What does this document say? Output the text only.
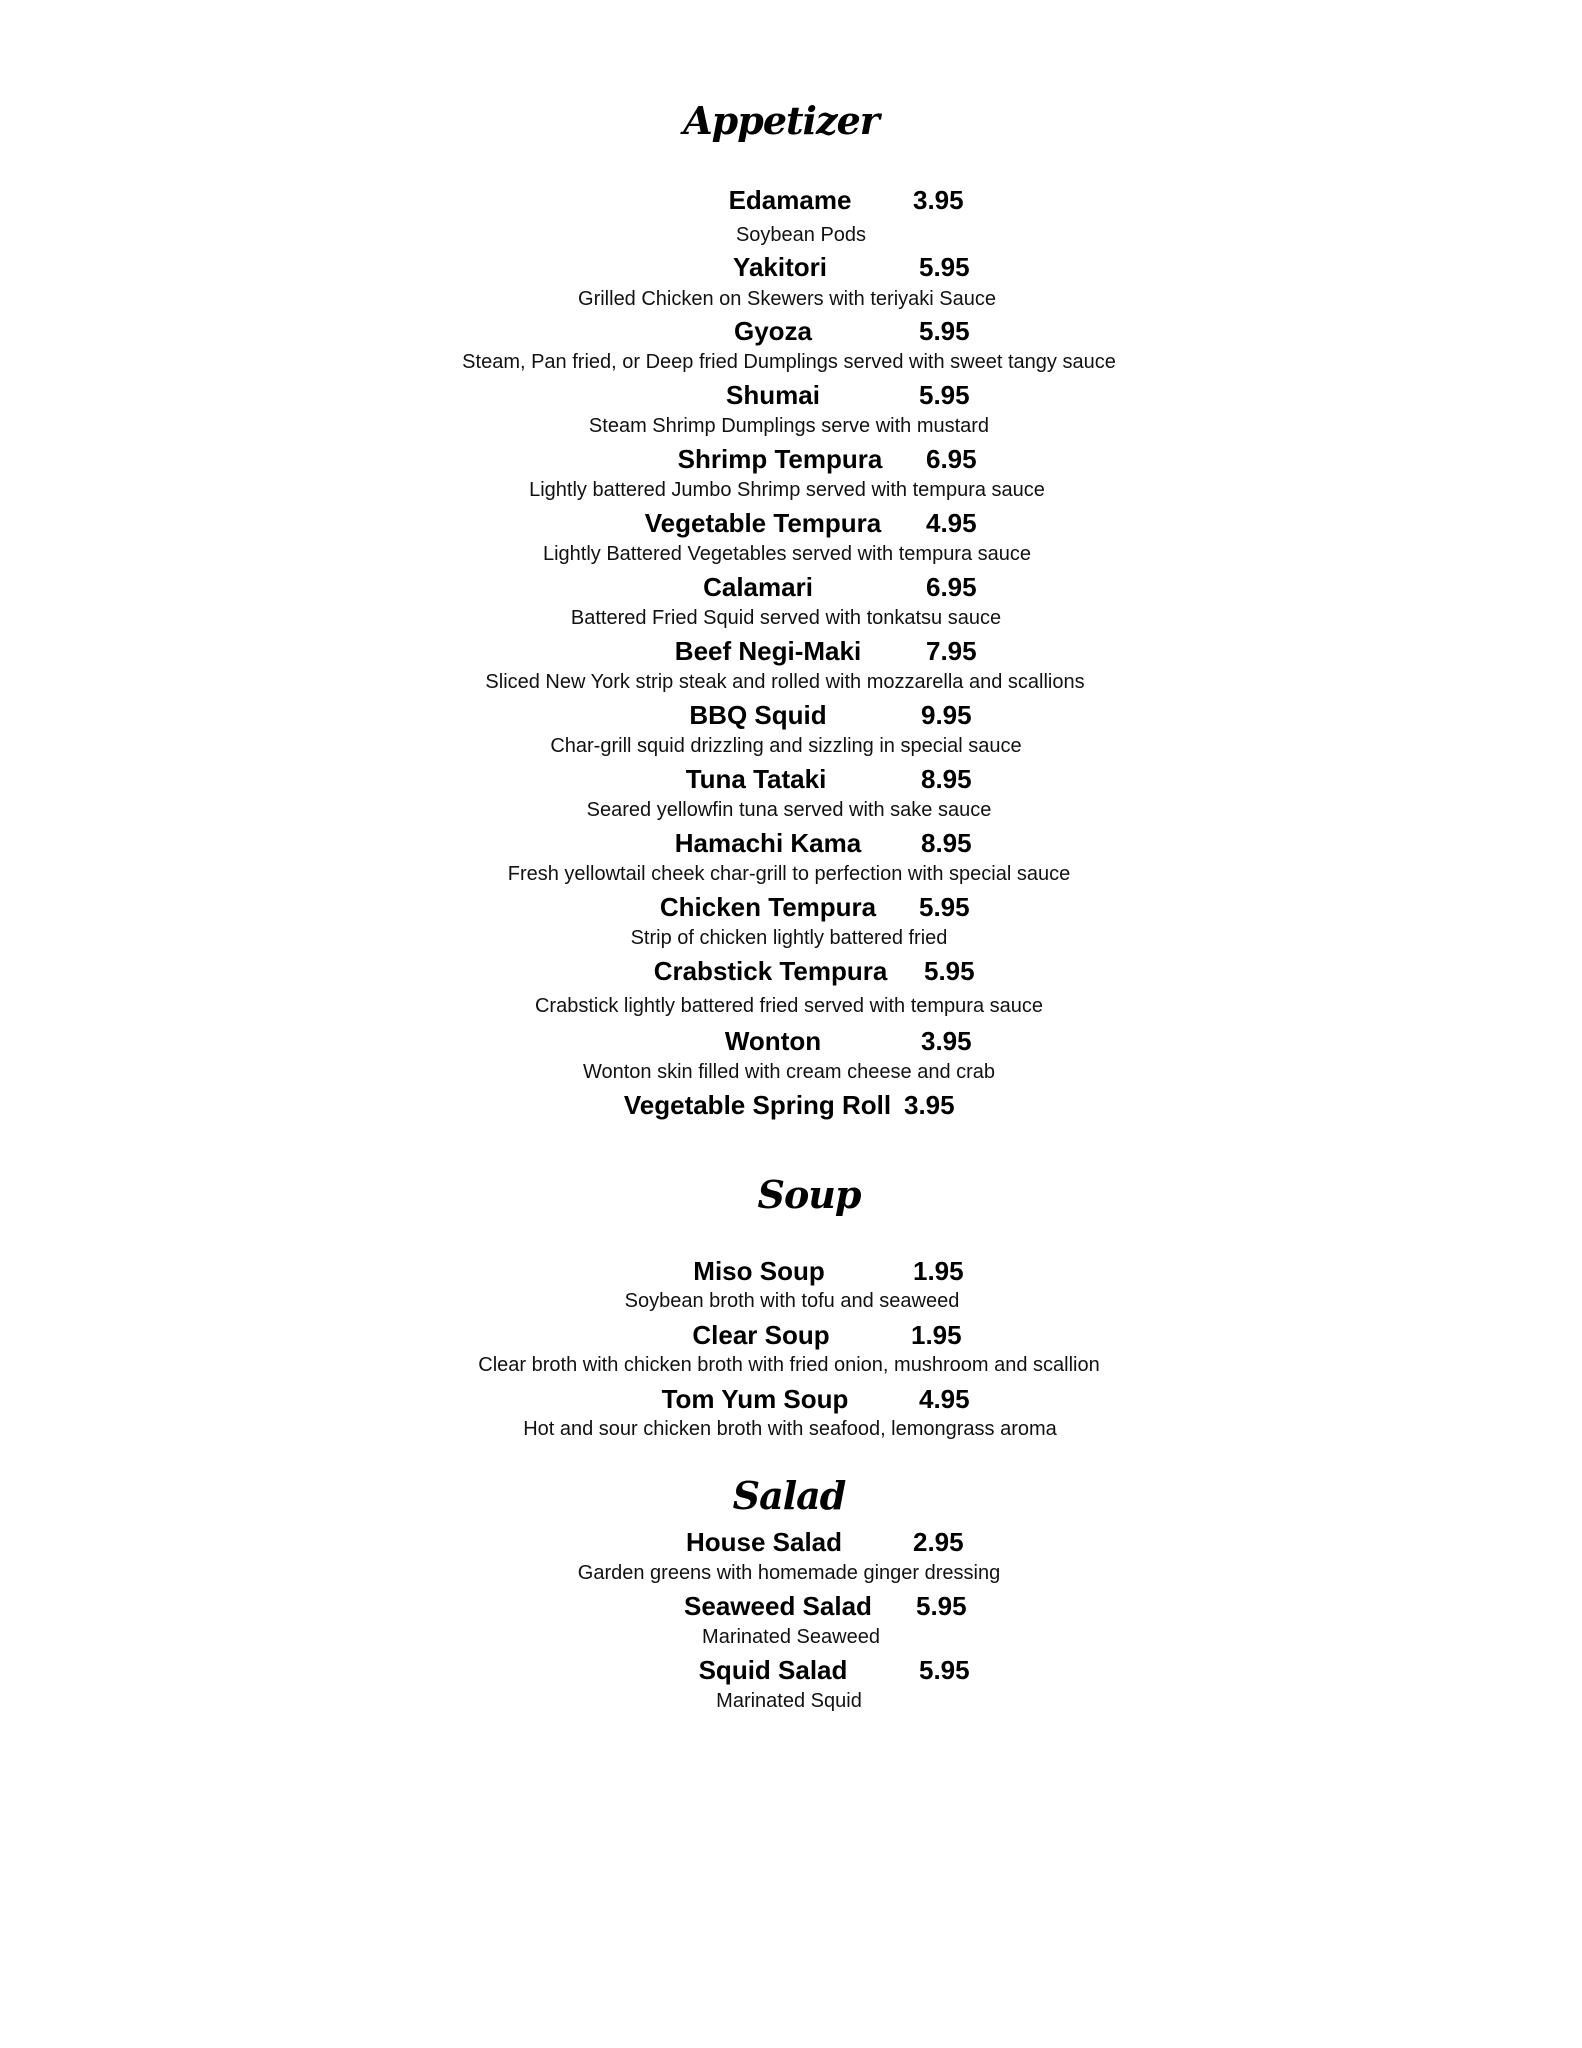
Appetizer
Edamame	3.95
Soybean Pods
Yakitori	5.95
Grilled Chicken on Skewers with teriyaki Sauce
Gyoza	5.95
Steam, Pan fried, or Deep fried Dumplings served with sweet tangy sauce
Shumai	5.95
Steam Shrimp Dumplings serve with mustard
Shrimp Tempura	6.95
Lightly battered Jumbo Shrimp served with tempura sauce
Vegetable Tempura	4.95
Lightly Battered Vegetables served with tempura sauce
Calamari	6.95
Battered Fried Squid served with tonkatsu sauce
Beef Negi-Maki	7.95
Sliced New York strip steak and rolled with mozzarella and scallions
BBQ Squid	9.95
Char-grill squid drizzling and sizzling in special sauce
Tuna Tataki	8.95
Seared yellowfin tuna served with sake sauce
Hamachi Kama	8.95
Fresh yellowtail cheek char-grill to perfection with special sauce
Chicken Tempura	5.95
Strip of chicken lightly battered fried
Crabstick Tempura	5.95
Crabstick lightly battered fried served with tempura sauce
Wonton	3.95
Wonton skin filled with cream cheese and crab
Vegetable Spring Roll 3.95
Soup
Miso Soup	1.95
Soybean broth with tofu and seaweed
Clear Soup	1.95
Clear broth with chicken broth with fried onion, mushroom and scallion
Tom Yum Soup	4.95
Hot and sour chicken broth with seafood, lemongrass aroma
Salad
House Salad	2.95
Garden greens with homemade ginger dressing
Seaweed Salad	5.95
Marinated Seaweed
Squid Salad	5.95
Marinated Squid
